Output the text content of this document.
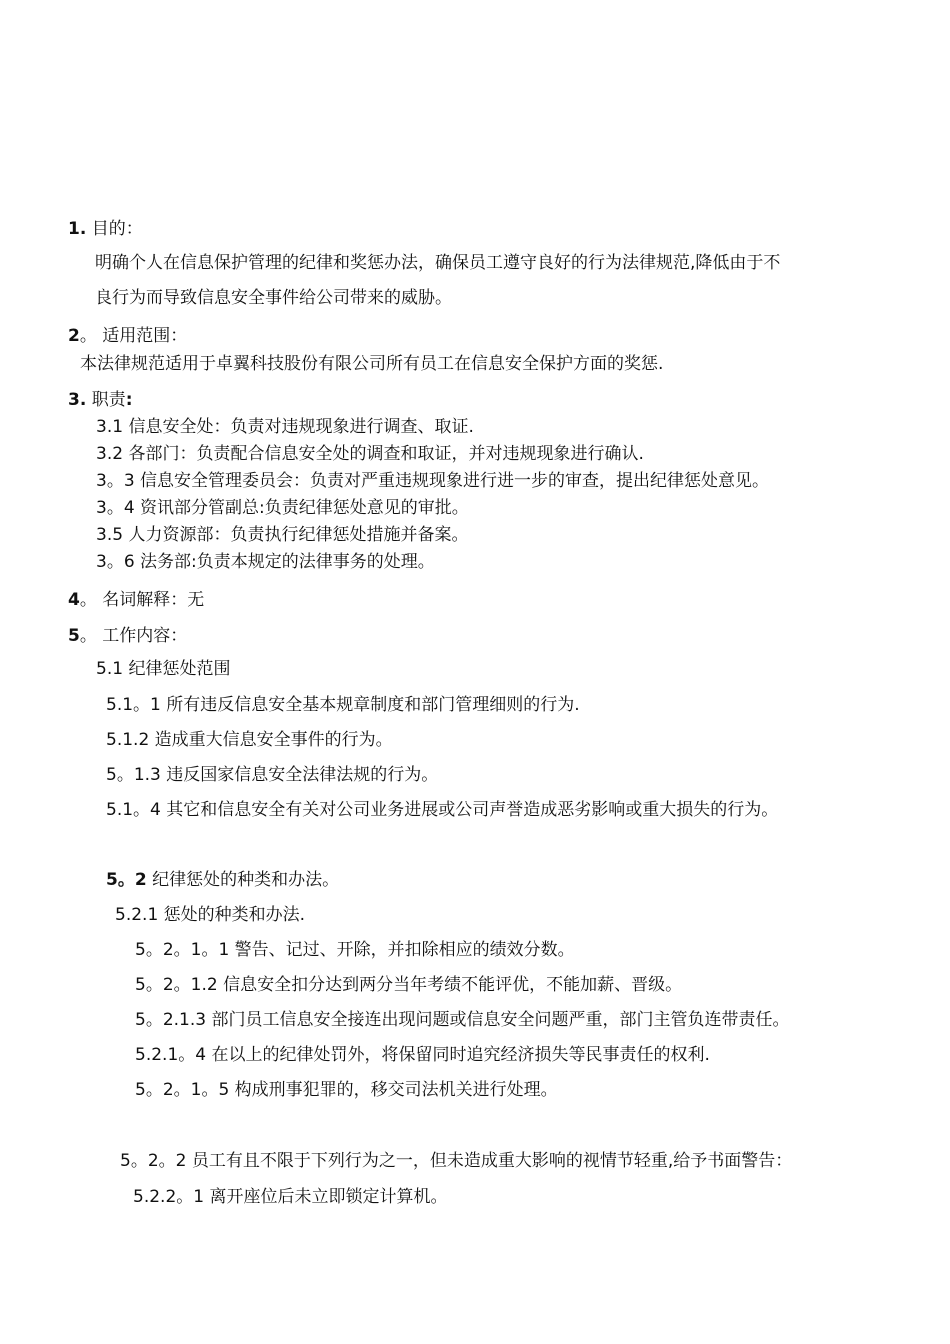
1. 目的：
明确个人在信息保护管理的纪律和奖惩办法，确保员工遵守良好的行为法律规范,降低由于不
良行为而导致信息安全事件给公司带来的威胁。
2。 适用范围：
本法律规范适用于卓翼科技股份有限公司所有员工在信息安全保护方面的奖惩.
3. 职责:
3.1 信息安全处：负责对违规现象进行调查、取证.
3.2 各部门：负责配合信息安全处的调查和取证，并对违规现象进行确认.
3。3 信息安全管理委员会：负责对严重违规现象进行进一步的审查，提出纪律惩处意见。
3。4 资讯部分管副总:负责纪律惩处意见的审批。
3.5 人力资源部：负责执行纪律惩处措施并备案。
3。6 法务部:负责本规定的法律事务的处理。
4。 名词解释：无
5。 工作内容：
5.1 纪律惩处范围
5.1。1 所有违反信息安全基本规章制度和部门管理细则的行为.
5.1.2 造成重大信息安全事件的行为。
5。1.3 违反国家信息安全法律法规的行为。
5.1。4 其它和信息安全有关对公司业务进展或公司声誉造成恶劣影响或重大损失的行为。
5。2 纪律惩处的种类和办法。
5.2.1 惩处的种类和办法.
5。2。1。1 警告、记过、开除，并扣除相应的绩效分数。
5。2。1.2 信息安全扣分达到两分当年考绩不能评优，不能加薪、晋级。
5。2.1.3 部门员工信息安全接连出现问题或信息安全问题严重，部门主管负连带责任。
5.2.1。4 在以上的纪律处罚外，将保留同时追究经济损失等民事责任的权利.
5。2。1。5 构成刑事犯罪的，移交司法机关进行处理。
5。2。2 员工有且不限于下列行为之一，但未造成重大影响的视情节轻重,给予书面警告：
5.2.2。1 离开座位后未立即锁定计算机。
